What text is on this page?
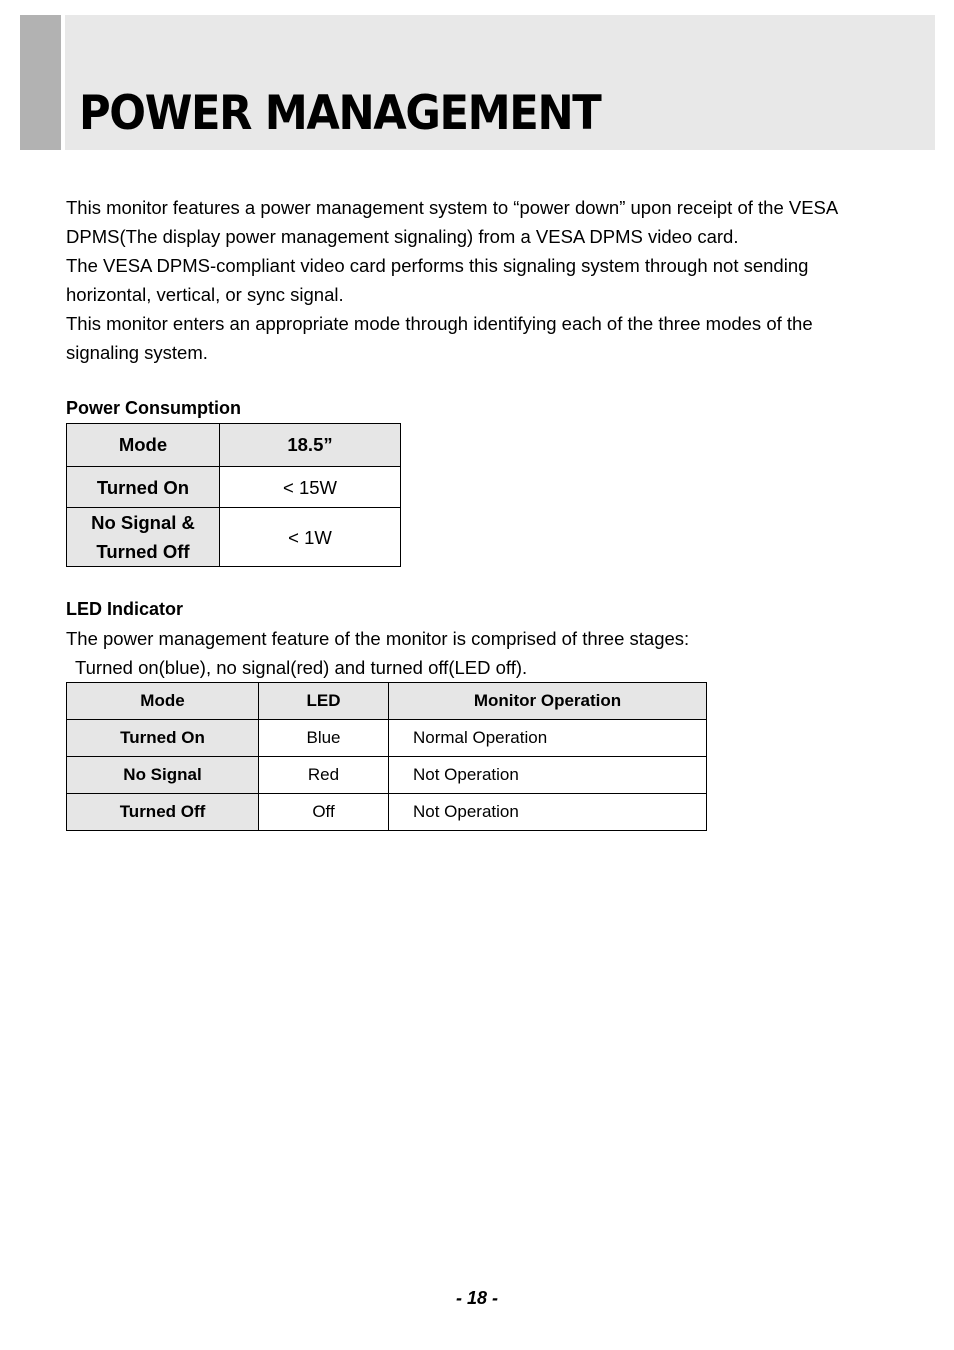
POWER MANAGEMENT

This monitor features a power management system to “power down” upon receipt of the VESA DPMS(The display power management signaling) from a VESA DPMS video card.

The VESA DPMS-compliant video card performs this signaling system through not sending horizontal, vertical, or sync signal.

This monitor enters an appropriate mode through identifying each of the three modes of the signaling system.

Power Consumption
Mode	18.5”
Turned On	< 15W

No Signal &
Turned Off	< 1W
LED Indicator

The power management feature of the monitor is comprised of three stages:

Turned on(blue), no signal(red) and turned off(LED off).

Mode	LED	Monitor Operation
Turned On	Blue	Normal Operation
No Signal	Red	Not Operation
Turned Off	Off	Not Operation
- 18 -
